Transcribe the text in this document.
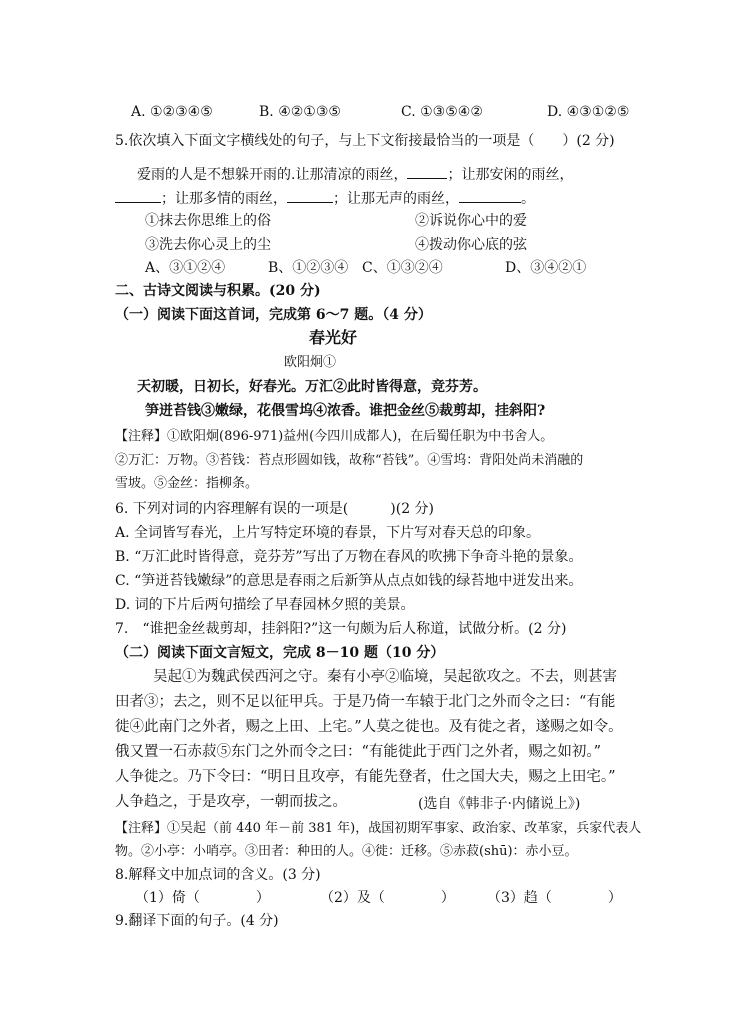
A. ①②③④⑤	B. ④②①③⑤	C. ①③⑤④②	D. ④③①②⑤
5.依次填入下面文字横线处的句子，与上下文衔接最恰当的一项是（　　）(2 分)
爱雨的人是不想躲开雨的.让那清凉的雨丝，	；让那安闲的雨丝，
；让那多情的雨丝，	；让那无声的雨丝，	。
①抹去你思维上的俗	②诉说你心中的爱
③洗去你心灵上的尘	④拨动你心底的弦
A、③①②④	B、①②③④ C、①③②④	D、③④②①
二、古诗文阅读与积累。(20 分)
（一）阅读下面这首词，完成第 6～7 题。（4 分）
春光好
欧阳炯①
天初暖，日初长，好春光。万汇②此时皆得意，竞芬芳。
笋迸苔钱③嫩绿，花偎雪坞④浓香。谁把金丝⑤裁剪却，挂斜阳?
【注释】①欧阳炯(896-971)益州(今四川成都人)，在后蜀任职为中书舍人。
②万汇：万物。③苔钱：苔点形圆如钱，故称“苔钱”。④雪坞：背阳处尚未消融的
雪坡。⑤金丝：指柳条。
6. 下列对词的内容理解有误的一项是(　　　)(2 分)
A. 全词皆写春光，上片写特定环境的春景，下片写对春天总的印象。
B. “万汇此时皆得意，竞芬芳”写出了万物在春风的吹拂下争奇斗艳的景象。
C. “笋迸苔钱嫩绿”的意思是春雨之后新笋从点点如钱的绿苔地中迸发出来。
D. 词的下片后两句描绘了早春园林夕照的美景。
7.　“谁把金丝裁剪却，挂斜阳?”这一句颇为后人称道，试做分析。(2 分)
（二）阅读下面文言短文，完成 8－10 题（10 分）
吴起①为魏武侯西河之守。秦有小亭②临境，吴起欲攻之。不去，则甚害
田者③；去之，则不足以征甲兵。于是乃倚一车辕于北门之外而令之曰：“有能
徙④此南门之外者，赐之上田、上宅。”人莫之徙也。及有徙之者，遂赐之如令。
俄又置一石赤菽⑤东门之外而令之曰：“有能徙此于西门之外者，赐之如初。”
人争徙之。乃下令曰：“明日且攻亭，有能先登者，仕之国大夫，赐之上田宅。”
人争趋之，于是攻亭，一朝而拔之。	(选自《韩非子·内储说上》)
【注释】①吴起（前 440 年－前 381 年)，战国初期军事家、政治家、改革家，兵家代表人
物。②小亭：小哨亭。③田者：种田的人。④徙：迁移。⑤赤菽(shū)：赤小豆。
8.解释文中加点词的含义。(3 分)
（1）倚（　　　　）	（2）及（　　　　） （3）趋（　　　　）
9.翻译下面的句子。(4 分)
